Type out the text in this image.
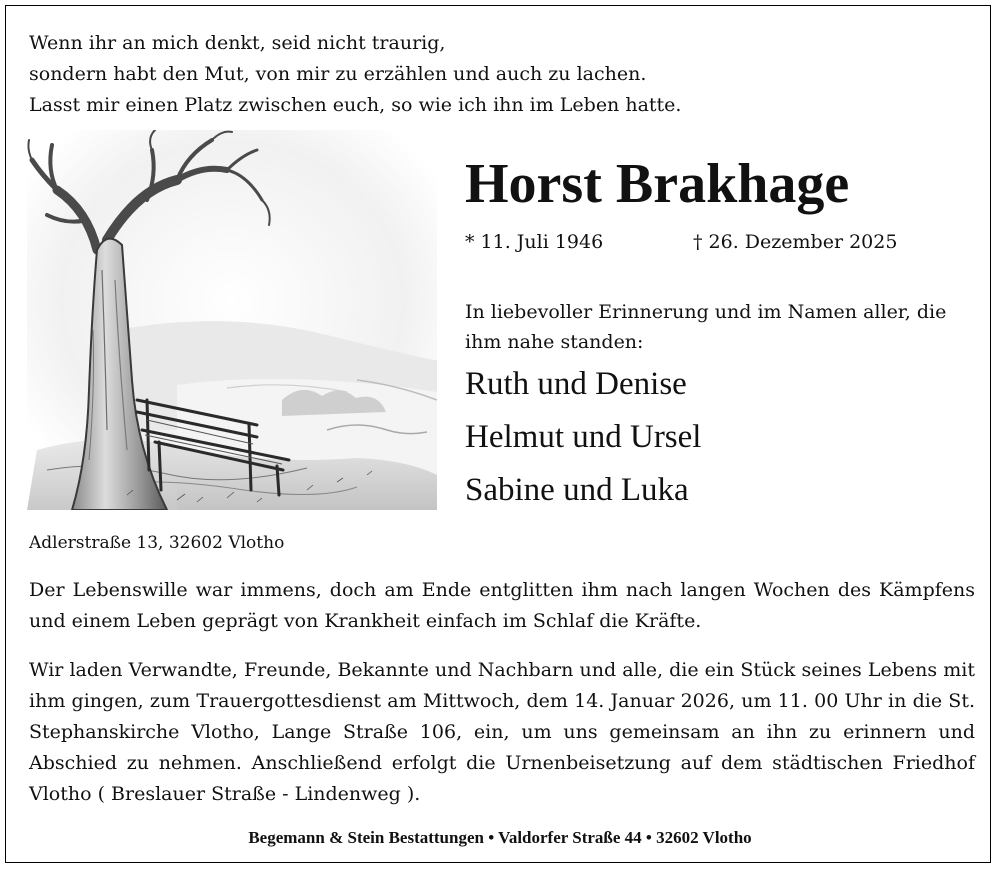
Wenn ihr an mich denkt, seid nicht traurig,
sondern habt den Mut, von mir zu erzählen und auch zu lachen.
Lasst mir einen Platz zwischen euch, so wie ich ihn im Leben hatte.
Horst Brakhage
* 11. Juli 1946	† 26. Dezember 2025
In liebevoller Erinnerung und im Namen aller, die ihm nahe standen:
Ruth und Denise
Helmut und Ursel
Sabine und Luka
Adlerstraße 13, 32602 Vlotho
Der Lebenswille war immens, doch am Ende entglitten ihm nach langen Wochen des Kämpfens und einem Leben geprägt von Krankheit einfach im Schlaf die Kräfte.
Wir laden Verwandte, Freunde, Bekannte und Nachbarn und alle, die ein Stück seines Lebens mit ihm gingen, zum Trauergottesdienst am Mittwoch, dem 14. Januar 2026, um 11. 00 Uhr in die St. Stephanskirche Vlotho, Lange Straße 106, ein, um uns gemeinsam an ihn zu erinnern und Abschied zu nehmen. Anschließend erfolgt die Urnenbeisetzung auf dem städtischen Friedhof Vlotho ( Breslauer Straße - Lindenweg ).
Begemann & Stein Bestattungen • Valdorfer Straße 44 • 32602 Vlotho
